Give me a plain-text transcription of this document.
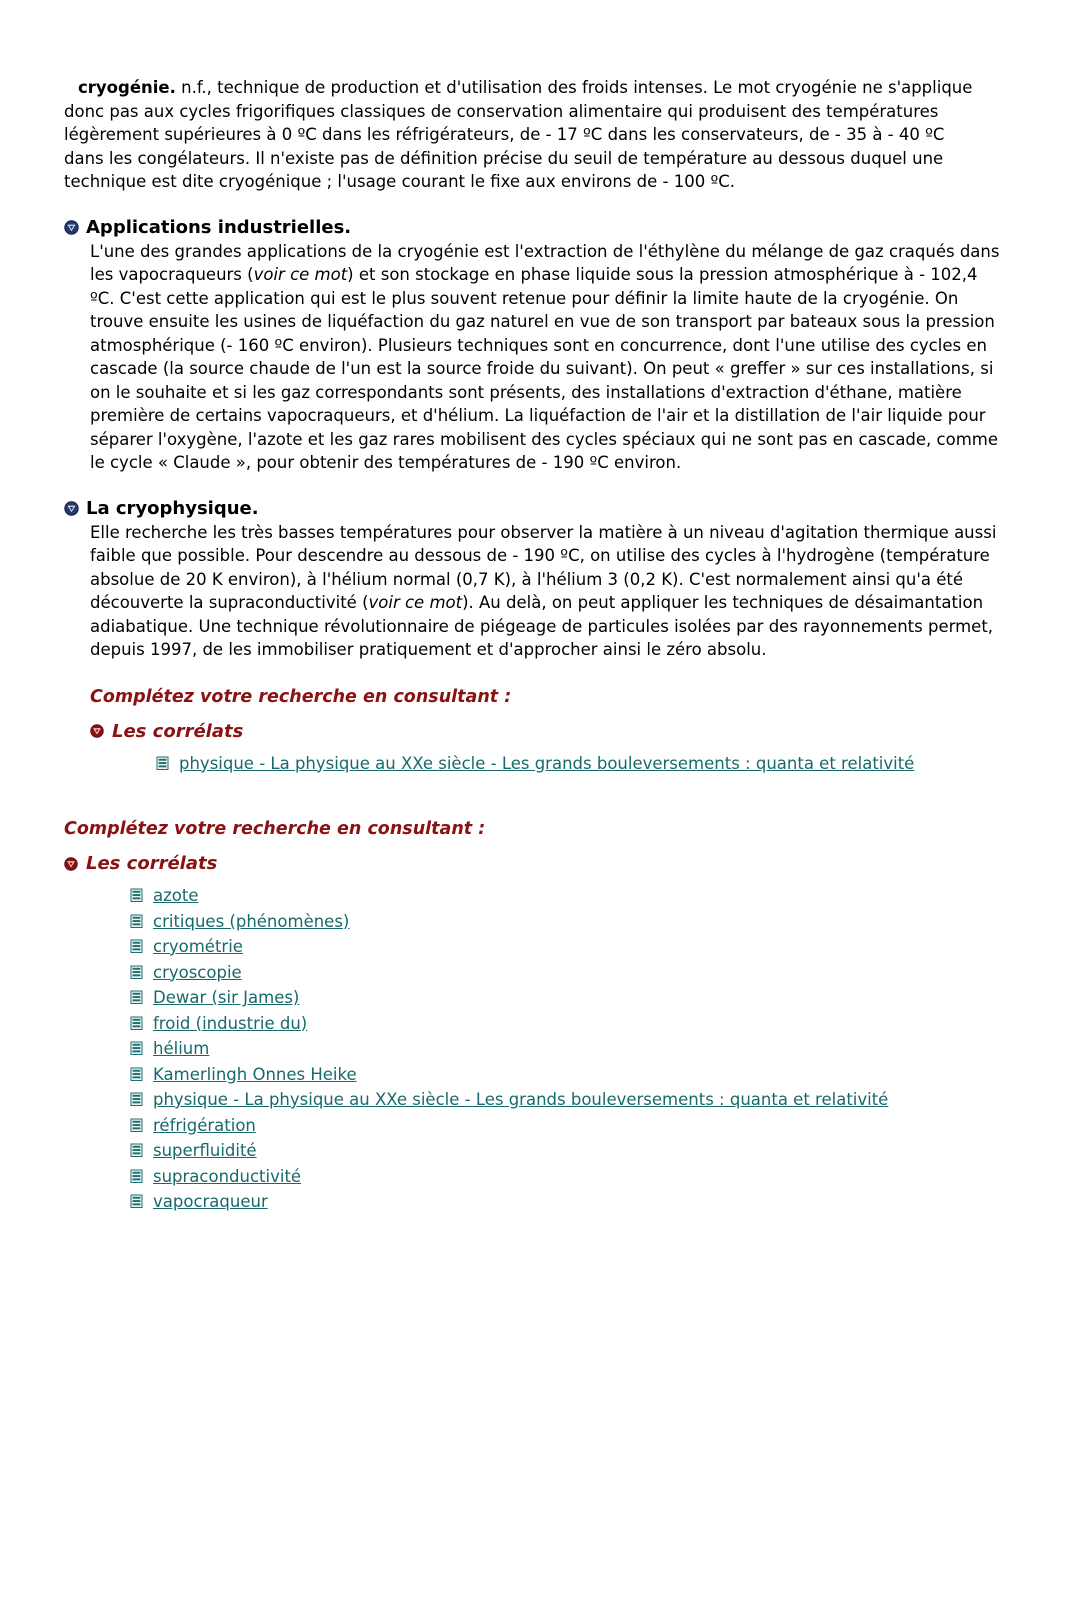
cryogénie. n.f., technique de production et d'utilisation des froids intenses. Le mot cryogénie ne s'applique donc pas aux cycles frigorifiques classiques de conservation alimentaire qui produisent des températures légèrement supérieures à 0 ºC dans les réfrigérateurs, de - 17 ºC dans les conservateurs, de - 35 à - 40 ºC dans les congélateurs. Il n'existe pas de définition précise du seuil de température au dessous duquel une technique est dite cryogénique ; l'usage courant le fixe aux environs de - 100 ºC.

Applications industrielles.

L'une des grandes applications de la cryogénie est l'extraction de l'éthylène du mélange de gaz craqués dans les vapocraqueurs (voir ce mot) et son stockage en phase liquide sous la pression atmosphérique à - 102,4 ºC. C'est cette application qui est le plus souvent retenue pour définir la limite haute de la cryogénie. On trouve ensuite les usines de liquéfaction du gaz naturel en vue de son transport par bateaux sous la pression atmosphérique (- 160 ºC environ). Plusieurs techniques sont en concurrence, dont l'une utilise des cycles en cascade (la source chaude de l'un est la source froide du suivant). On peut « greffer » sur ces installations, si on le souhaite et si les gaz correspondants sont présents, des installations d'extraction d'éthane, matière première de certains vapocraqueurs, et d'hélium. La liquéfaction de l'air et la distillation de l'air liquide pour séparer l'oxygène, l'azote et les gaz rares mobilisent des cycles spéciaux qui ne sont pas en cascade, comme le cycle « Claude », pour obtenir des températures de - 190 ºC environ.

La cryophysique.

Elle recherche les très basses températures pour observer la matière à un niveau d'agitation thermique aussi faible que possible. Pour descendre au dessous de - 190 ºC, on utilise des cycles à l'hydrogène (température absolue de 20 K environ), à l'hélium normal (0,7 K), à l'hélium 3 (0,2 K). C'est normalement ainsi qu'a été découverte la supraconductivité (voir ce mot). Au delà, on peut appliquer les techniques de désaimantation adiabatique. Une technique révolutionnaire de piégeage de particules isolées par des rayonnements permet, depuis 1997, de les immobiliser pratiquement et d'approcher ainsi le zéro absolu.

Complétez votre recherche en consultant :

Les corrélats

physique - La physique au XXe siècle - Les grands bouleversements : quanta et relativité

Complétez votre recherche en consultant :

Les corrélats

azote
critiques (phénomènes)
cryométrie
cryoscopie
Dewar (sir James)
froid (industrie du)
hélium
Kamerlingh Onnes Heike
physique - La physique au XXe siècle - Les grands bouleversements : quanta et relativité
réfrigération
superfluidité
supraconductivité
vapocraqueur
